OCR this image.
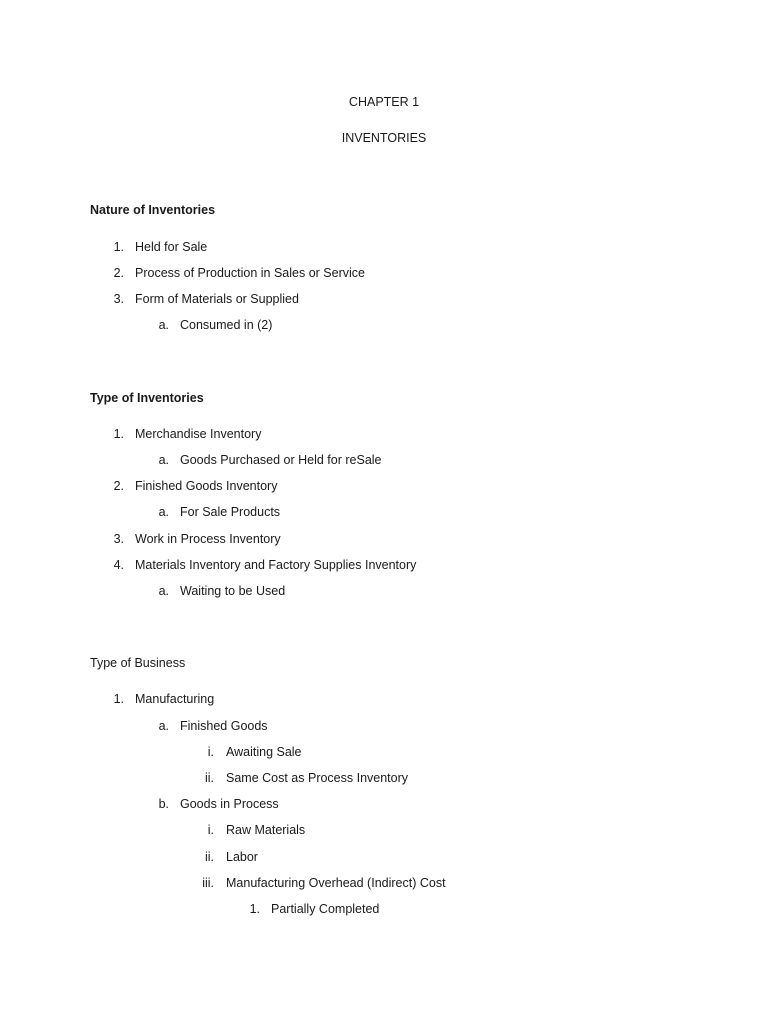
CHAPTER 1
INVENTORIES
Nature of Inventories
1. Held for Sale
2. Process of Production in Sales or Service
3. Form of Materials or Supplied
a. Consumed in (2)
Type of Inventories
1. Merchandise Inventory
a. Goods Purchased or Held for reSale
2. Finished Goods Inventory
a. For Sale Products
3. Work in Process Inventory
4. Materials Inventory and Factory Supplies Inventory
a. Waiting to be Used
Type of Business
1. Manufacturing
a. Finished Goods
i. Awaiting Sale
ii. Same Cost as Process Inventory
b. Goods in Process
i. Raw Materials
ii. Labor
iii. Manufacturing Overhead (Indirect) Cost
1. Partially Completed
